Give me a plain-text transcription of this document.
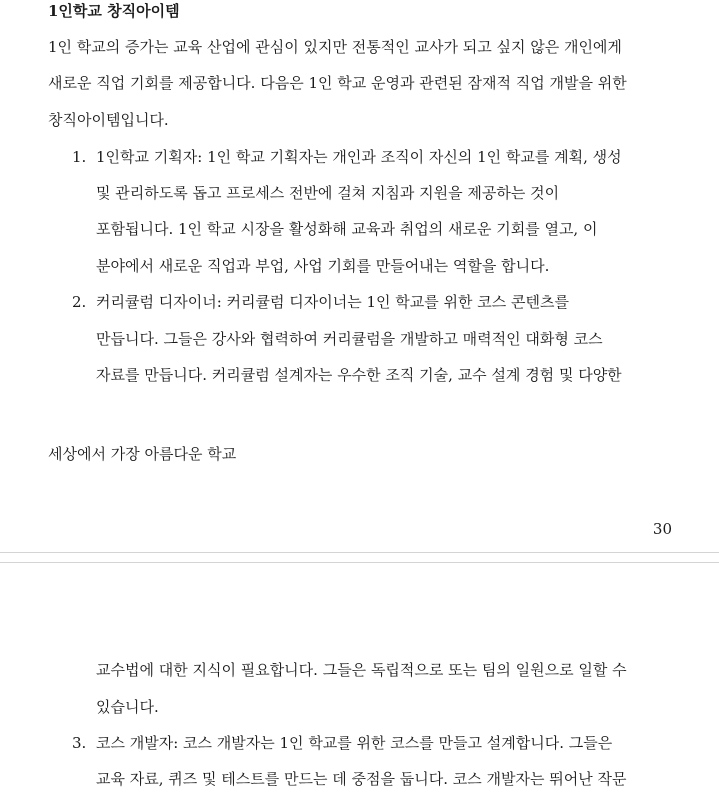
1인학교 창직아이템
1인 학교의 증가는 교육 산업에 관심이 있지만 전통적인 교사가 되고 싶지 않은 개인에게
새로운 직업 기회를 제공합니다. 다음은 1인 학교 운영과 관련된 잠재적 직업 개발을 위한
창직아이템입니다.
1. 1인학교 기획자: 1인 학교 기획자는 개인과 조직이 자신의 1인 학교를 계획, 생성
및 관리하도록 돕고 프로세스 전반에 걸쳐 지침과 지원을 제공하는 것이
포함됩니다. 1인 학교 시장을 활성화해 교육과 취업의 새로운 기회를 열고, 이
분야에서 새로운 직업과 부업, 사업 기회를 만들어내는 역할을 합니다.
2. 커리큘럼 디자이너: 커리큘럼 디자이너는 1인 학교를 위한 코스 콘텐츠를
만듭니다. 그들은 강사와 협력하여 커리큘럼을 개발하고 매력적인 대화형 코스
자료를 만듭니다. 커리큘럼 설계자는 우수한 조직 기술, 교수 설계 경험 및 다양한
세상에서 가장 아름다운 학교
30
교수법에 대한 지식이 필요합니다. 그들은 독립적으로 또는 팀의 일원으로 일할 수
있습니다.
3. 코스 개발자: 코스 개발자는 1인 학교를 위한 코스를 만들고 설계합니다. 그들은
교육 자료, 퀴즈 및 테스트를 만드는 데 중점을 둡니다. 코스 개발자는 뛰어난 작문
